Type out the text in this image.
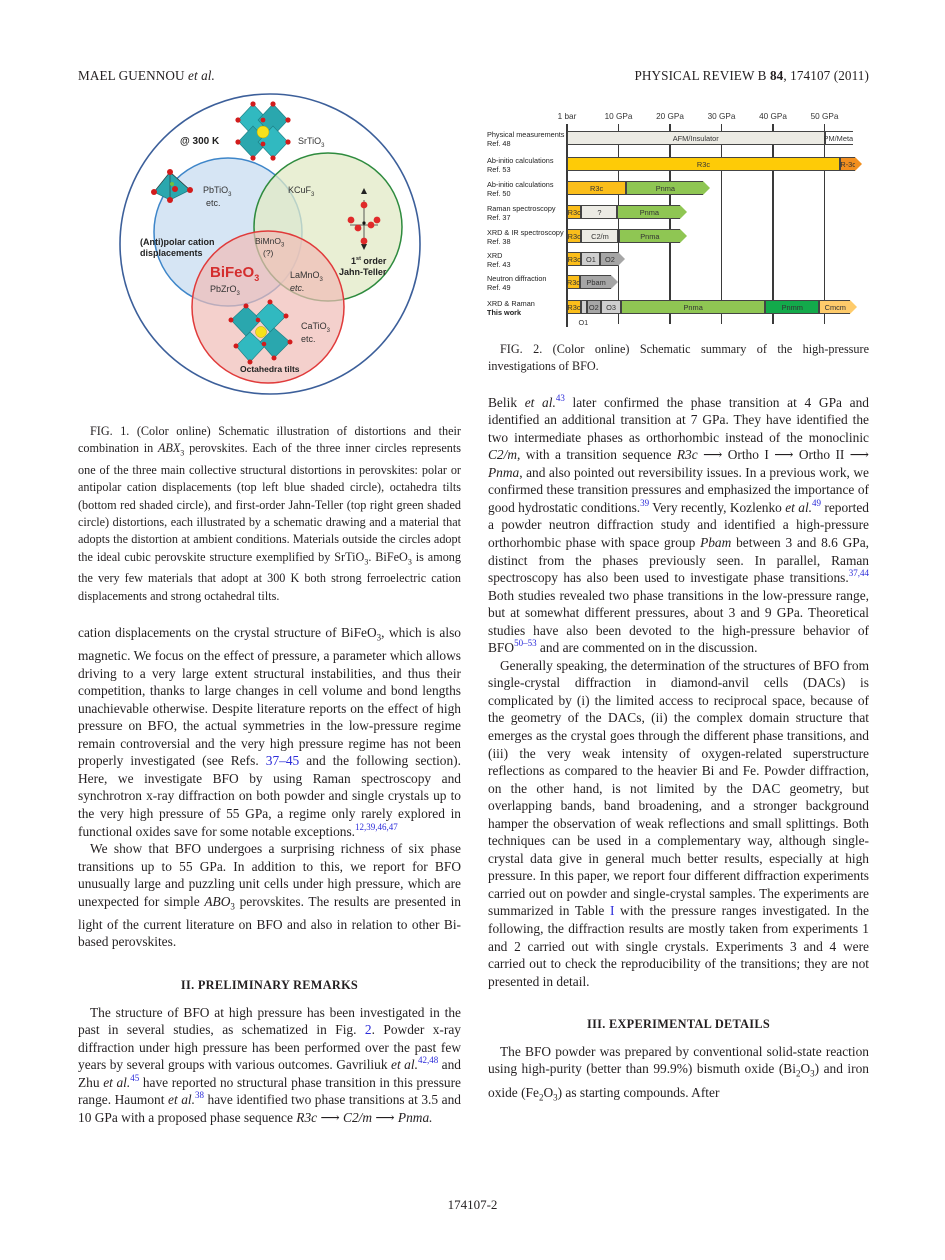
MAEL GUENNOU et al.	PHYSICAL REVIEW B 84, 174107 (2011)
@ 300 K	SrTiO$_3$
PbTiO$_3$
etc.
KCuF$_3$
(Anti)polar cation
displacements
BiMnO$_3$
(?)
BiFeO$_3$
PbZrO$_3$
LaMnO$_3$
etc.
1st order
Jahn-Teller
CaTiO$_3$
etc.
Octahedra tilts

FIG. 1. (Color online) Schematic illustration of distortions and their combination in $ABX_3$ perovskites. Each of the three inner circles represents one of the three main collective structural distortions in perovskites: polar or antipolar cation displacements (top left blue shaded circle), octahedra tilts (bottom red shaded circle), and first-order Jahn-Teller (top right green shaded circle) distortions, each illustrated by a schematic drawing and a material that adopts the distortion at ambient conditions. Materials outside the circles adopt the ideal cubic perovskite structure exemplified by SrTiO$_3$. BiFeO$_3$ is among the very few materials that adopt at 300 K both strong ferroelectric cation displacements and strong octahedral tilts.

cation displacements on the crystal structure of BiFeO$_3$, which is also magnetic. We focus on the effect of pressure, a parameter which allows driving to a very large extent structural instabilities, and thus their competition, thanks to large changes in cell volume and bond lengths unachievable otherwise. Despite literature reports on the effect of high pressure on BFO, the actual symmetries in the low-pressure regime remain controversial and the very high pressure regime has not been properly investigated (see Refs. 37–45 and the following section). Here, we investigate BFO by using Raman spectroscopy and synchrotron x-ray diffraction on both powder and single crystals up to the very high pressure of 55 GPa, a regime only rarely explored in functional oxides save for some notable exceptions.$^{12,39,46,47}$

We show that BFO undergoes a surprising richness of six phase transitions up to 55 GPa. In addition to this, we report for BFO unusually large and puzzling unit cells under high pressure, which are unexpected for simple $ABO_3$ perovskites. The results are presented in light of the current literature on BFO and also in relation to other Bi-based perovskites.

II. PRELIMINARY REMARKS

The structure of BFO at high pressure has been investigated in the past in several studies, as schematized in Fig. 2. Powder x-ray diffraction under high pressure has been performed over the past few years by several groups with various outcomes. Gavriliuk et al.$^{42,48}$ and Zhu et al.$^{45}$ have reported no structural phase transition in this pressure range. Haumont et al.$^{38}$ have identified two phase transitions at 3.5 and 10 GPa with a proposed phase sequence R3c ⟶ C2/m ⟶ Pnma.

1 bar	10 GPa	20 GPa	30 GPa	40 GPa	50 GPa
Physical measurements
Ref. 48
AFM/Insulator	PM/Metal
Ab-initio calculations
Ref. 53
R3c	R-3c
Ab-initio calculations
Ref. 50
R3c	Pnma
Raman spectroscopy
Ref. 37
R3c	?	Pnma
XRD & IR spectroscopy
Ref. 38
R3c	C2/m	Pnma
XRD
Ref. 43
R3c O1	O2
Neutron diffraction
Ref. 49
R3c Pbam
XRD & Raman
This work
R3c	O2	O3	Pnma	Pnmm	Cmcm
O1

FIG. 2. (Color online) Schematic summary of the high-pressure investigations of BFO.

Belik et al.$^{43}$ later confirmed the phase transition at 4 GPa and identified an additional transition at 7 GPa. They have identified the two intermediate phases as orthorhombic instead of the monoclinic C2/m, with a transition sequence R3c ⟶ Ortho I ⟶ Ortho II ⟶ Pnma, and also pointed out reversibility issues. In a previous work, we confirmed these transition pressures and emphasized the importance of good hydrostatic conditions.$^{39}$ Very recently, Kozlenko et al.$^{49}$ reported a powder neutron diffraction study and identified a high-pressure orthorhombic phase with space group Pbam between 3 and 8.6 GPa, distinct from the phases previously seen. In parallel, Raman spectroscopy has also been used to investigate phase transitions.$^{37,44}$ Both studies revealed two phase transitions in the low-pressure range, but at somewhat different pressures, about 3 and 9 GPa. Theoretical studies have also been devoted to the high-pressure behavior of BFO$^{50-53}$ and are commented on in the discussion.

Generally speaking, the determination of the structures of BFO from single-crystal diffraction in diamond-anvil cells (DACs) is complicated by (i) the limited access to reciprocal space, because of the geometry of the DACs, (ii) the complex domain structure that emerges as the crystal goes through the different phase transitions, and (iii) the very weak intensity of oxygen-related superstructure reflections as compared to the heavier Bi and Fe. Powder diffraction, on the other hand, is not limited by the DAC geometry, but overlapping bands, band broadening, and a stronger background hamper the observation of weak reflections and small splittings. Both techniques can be used in a complementary way, although single-crystal data give in general much better results, especially at high pressure. In this paper, we report four different diffraction experiments carried out on powder and single-crystal samples. The experiments are summarized in Table I with the pressure ranges investigated. In the following, the diffraction results are mostly taken from experiments 1 and 2 carried out with single crystals. Experiments 3 and 4 were carried out to check the reproducibility of the transitions; they are not presented in detail.

III. EXPERIMENTAL DETAILS

The BFO powder was prepared by conventional solid-state reaction using high-purity (better than 99.9%) bismuth oxide $(Bi_2O_3)$ and iron oxide $(Fe_2O_3)$ as starting compounds. After

174107-2
